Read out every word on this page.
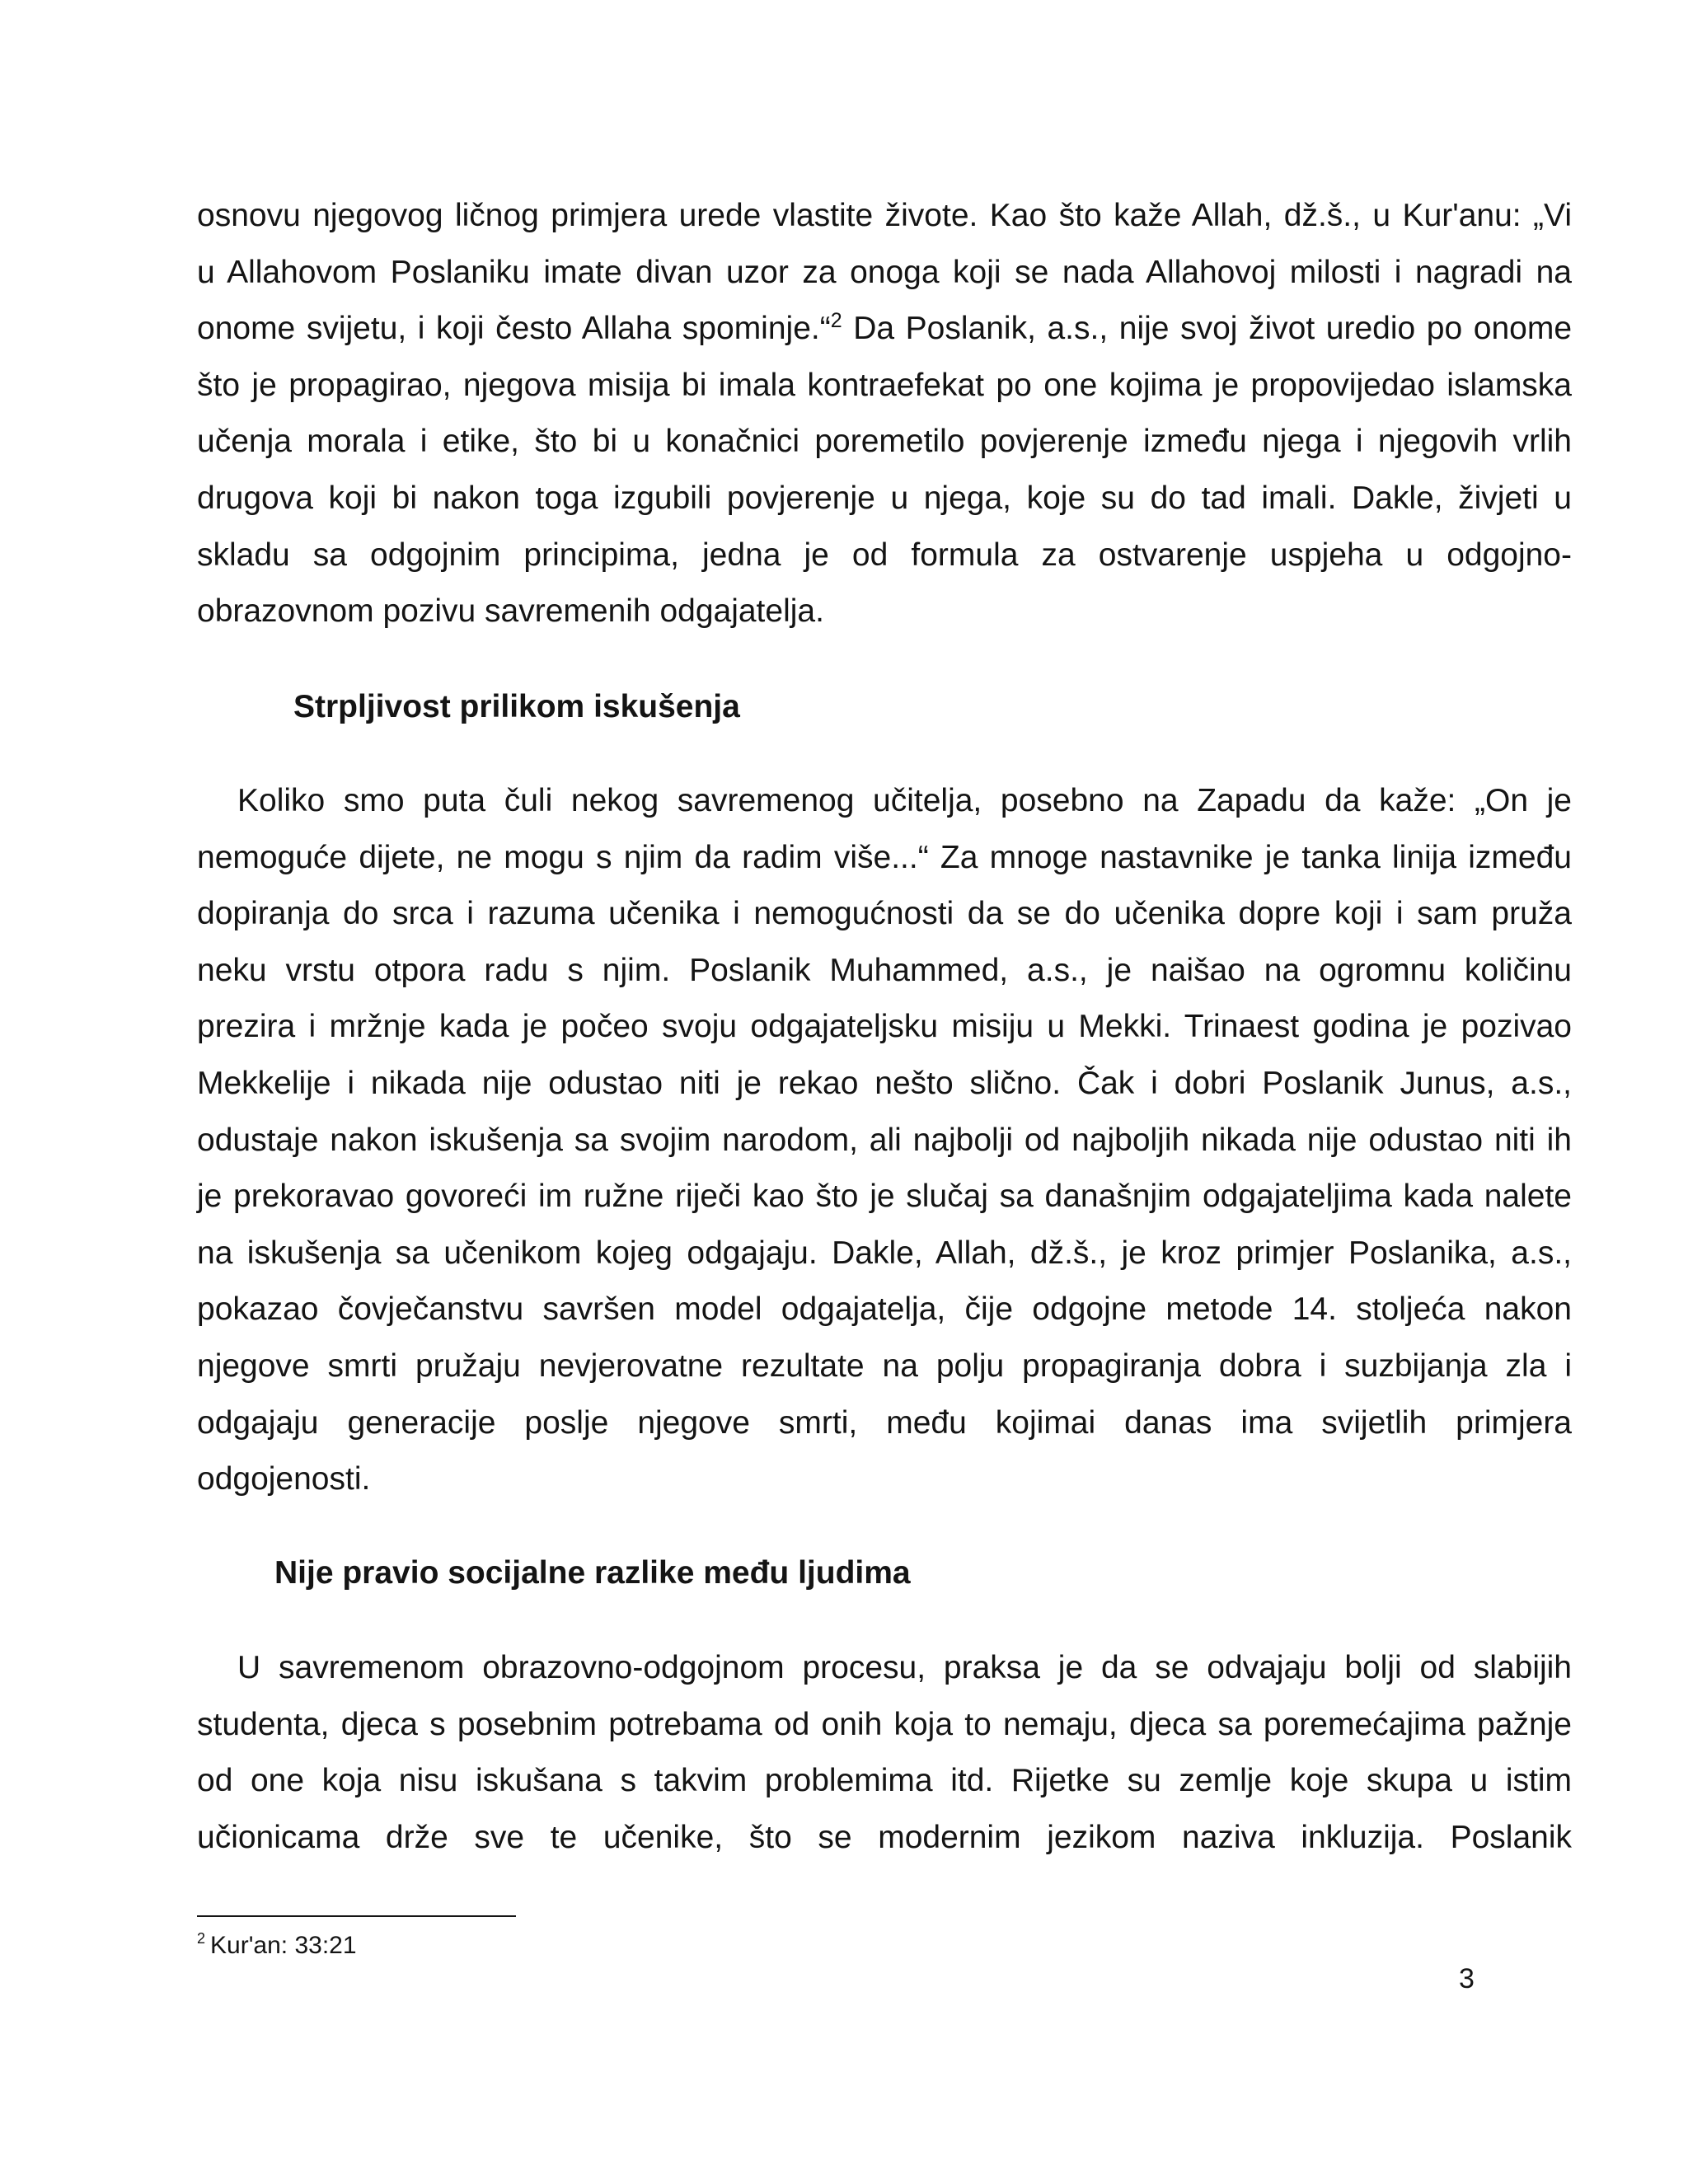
osnovu njegovog ličnog primjera urede vlastite živote. Kao što kaže Allah, dž.š., u Kur'anu: „Vi
u Allahovom Poslaniku imate divan uzor za onoga koji se nada Allahovoj milosti i nagradi na
onome svijetu, i koji često Allaha spominje.“$^2$ Da Poslanik, a.s., nije svoj život uredio po onome
što je propagirao, njegova misija bi imala kontraefekat po one kojima je propovijedao islamska
učenja morala i etike, što bi u konačnici poremetilo povjerenje između njega i njegovih vrlih
drugova koji bi nakon toga izgubili povjerenje u njega, koje su do tad imali. Dakle, živjeti u
skladu sa odgojnim principima, jedna je od formula za ostvarenje uspjeha u odgojno-
obrazovnom pozivu savremenih odgajatelja.
Strpljivost prilikom iskušenja
Koliko smo puta čuli nekog savremenog učitelja, posebno na Zapadu da kaže: „On je
nemoguće dijete, ne mogu s njim da radim više...“ Za mnoge nastavnike je tanka linija između
dopiranja do srca i razuma učenika i nemogućnosti da se do učenika dopre koji i sam pruža
neku vrstu otpora radu s njim. Poslanik Muhammed, a.s., je naišao na ogromnu količinu
prezira i mržnje kada je počeo svoju odgajateljsku misiju u Mekki. Trinaest godina je pozivao
Mekkelije i nikada nije odustao niti je rekao nešto slično. Čak i dobri Poslanik Junus, a.s.,
odustaje nakon iskušenja sa svojim narodom, ali najbolji od najboljih nikada nije odustao niti ih
je prekoravao govoreći im ružne riječi kao što je slučaj sa današnjim odgajateljima kada nalete
na iskušenja sa učenikom kojeg odgajaju. Dakle, Allah, dž.š., je kroz primjer Poslanika, a.s.,
pokazao čovječanstvu savršen model odgajatelja, čije odgojne metode 14. stoljeća nakon
njegove smrti pružaju nevjerovatne rezultate na polju propagiranja dobra i suzbijanja zla i
odgajaju generacije poslje njegove smrti, među kojimai danas ima svijetlih primjera
odgojenosti.
Nije pravio socijalne razlike među ljudima
U savremenom obrazovno-odgojnom procesu, praksa je da se odvajaju bolji od slabijih
studenta, djeca s posebnim potrebama od onih koja to nemaju, djeca sa poremećajima pažnje
od one koja nisu iskušana s takvim problemima itd. Rijetke su zemlje koje skupa u istim
učionicama drže sve te učenike, što se modernim jezikom naziva inkluzija. Poslanik
$^2$ Kur'an: 33:21
3
